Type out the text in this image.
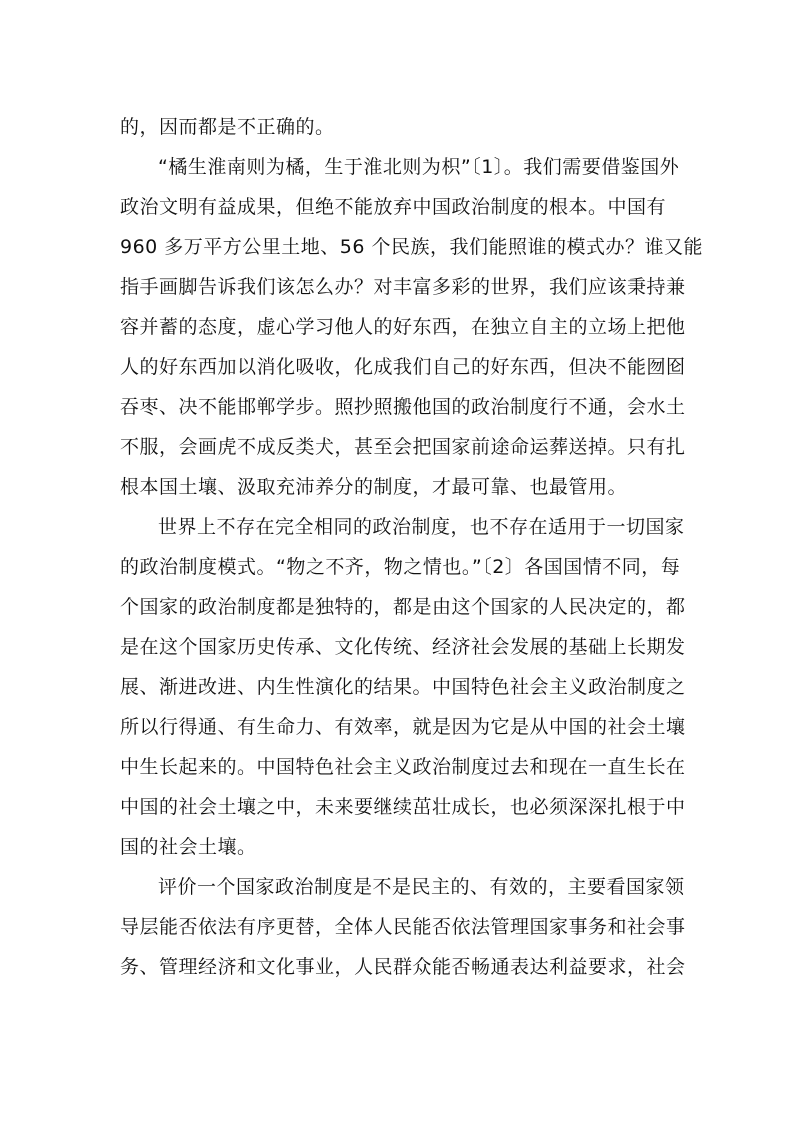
的，因而都是不正确的。

“橘生淮南则为橘，生于淮北则为枳”〔1〕。我们需要借鉴国外

政治文明有益成果，但绝不能放弃中国政治制度的根本。中国有

960 多万平方公里土地、56 个民族，我们能照谁的模式办？谁又能

指手画脚告诉我们该怎么办？对丰富多彩的世界，我们应该秉持兼

容并蓄的态度，虚心学习他人的好东西，在独立自主的立场上把他

人的好东西加以消化吸收，化成我们自己的好东西，但决不能囫囵

吞枣、决不能邯郸学步。照抄照搬他国的政治制度行不通，会水土

不服，会画虎不成反类犬，甚至会把国家前途命运葬送掉。只有扎

根本国土壤、汲取充沛养分的制度，才最可靠、也最管用。

世界上不存在完全相同的政治制度，也不存在适用于一切国家

的政治制度模式。“物之不齐，物之情也。”〔2〕各国国情不同，每

个国家的政治制度都是独特的，都是由这个国家的人民决定的，都

是在这个国家历史传承、文化传统、经济社会发展的基础上长期发

展、渐进改进、内生性演化的结果。中国特色社会主义政治制度之

所以行得通、有生命力、有效率，就是因为它是从中国的社会土壤

中生长起来的。中国特色社会主义政治制度过去和现在一直生长在

中国的社会土壤之中，未来要继续茁壮成长，也必须深深扎根于中

国的社会土壤。

评价一个国家政治制度是不是民主的、有效的，主要看国家领

导层能否依法有序更替，全体人民能否依法管理国家事务和社会事

务、管理经济和文化事业，人民群众能否畅通表达利益要求，社会
